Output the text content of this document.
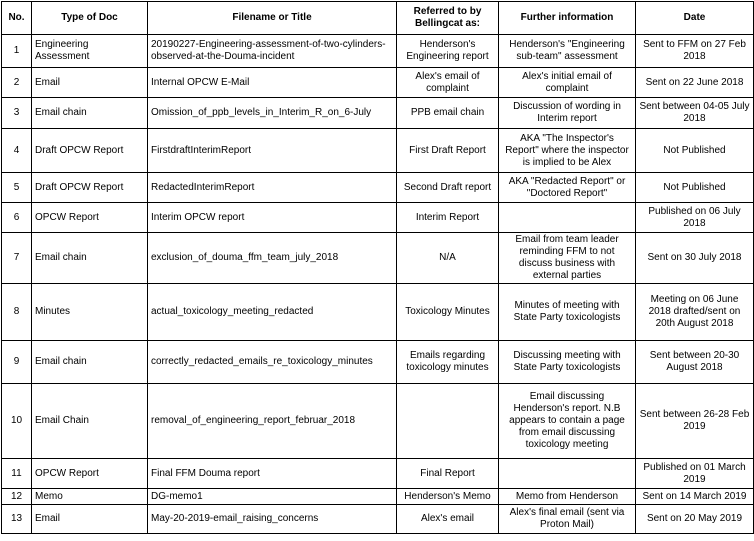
No.	Type of Doc	Filename or Title	Referred to by Bellingcat as:	Further information	Date
1	Engineering Assessment	20190227-Engineering-assessment-of-two-cylinders-observed-at-the-Douma-incident	Henderson's Engineering report	Henderson's "Engineering sub-team" assessment	Sent to FFM on 27 Feb 2018
2	Email	Internal OPCW E-Mail	Alex's email of complaint	Alex's initial email of complaint	Sent on 22 June 2018
3	Email chain	Omission_of_ppb_levels_in_Interim_R_on_6-July	PPB email chain	Discussion of wording in Interim report	Sent between 04-05 July 2018
4	Draft OPCW Report	FirstdraftInterimReport	First Draft Report	AKA "The Inspector's Report" where the inspector is implied to be Alex	Not Published
5	Draft OPCW Report	RedactedInterimReport	Second Draft report	AKA "Redacted Report" or "Doctored Report"	Not Published
6	OPCW Report	Interim OPCW report	Interim Report		Published on 06 July 2018
7	Email chain	exclusion_of_douma_ffm_team_july_2018	N/A	Email from team leader reminding FFM to not discuss business with external parties	Sent on 30 July 2018
8	Minutes	actual_toxicology_meeting_redacted	Toxicology Minutes	Minutes of meeting with State Party toxicologists	Meeting on 06 June 2018 drafted/sent on 20th August 2018
9	Email chain	correctly_redacted_emails_re_toxicology_minutes	Emails regarding toxicology minutes	Discussing meeting with State Party toxicologists	Sent between 20-30 August 2018
10	Email Chain	removal_of_engineering_report_februar_2018		Email discussing Henderson's report. N.B appears to contain a page from email discussing toxicology meeting	Sent between 26-28 Feb 2019
11	OPCW Report	Final FFM Douma report	Final Report		Published on 01 March 2019
12	Memo	DG-memo1	Henderson's Memo	Memo from Henderson	Sent on 14 March 2019
13	Email	May-20-2019-email_raising_concerns	Alex's email	Alex's final email (sent via Proton Mail)	Sent on 20 May 2019
